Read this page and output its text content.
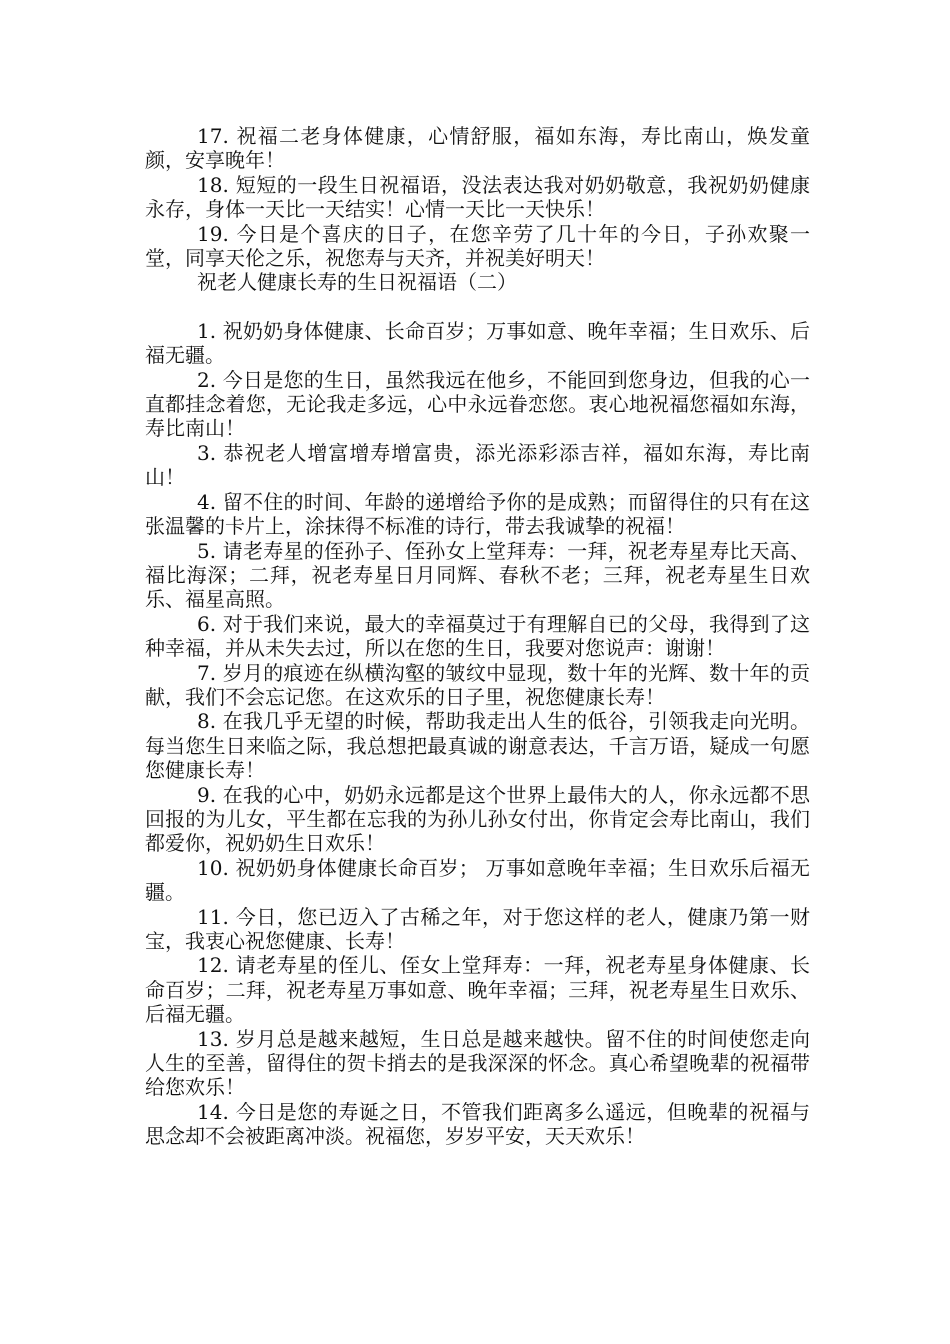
17. 祝福二老身体健康，心情舒服，福如东海，寿比南山，焕发童颜，安享晚年！

18. 短短的一段生日祝福语，没法表达我对奶奶敬意，我祝奶奶健康永存，身体一天比一天结实！心情一天比一天快乐！

19. 今日是个喜庆的日子，在您辛劳了几十年的今日，子孙欢聚一堂，同享天伦之乐，祝您寿与天齐，并祝美好明天！

祝老人健康长寿的生日祝福语（二）

1. 祝奶奶身体健康、长命百岁；万事如意、晚年幸福；生日欢乐、后福无疆。

2. 今日是您的生日，虽然我远在他乡，不能回到您身边，但我的心一直都挂念着您，无论我走多远，心中永远眷恋您。衷心地祝福您福如东海，寿比南山！

3. 恭祝老人增富增寿增富贵，添光添彩添吉祥，福如东海，寿比南山！

4. 留不住的时间、年龄的递增给予你的是成熟；而留得住的只有在这张温馨的卡片上，涂抹得不标准的诗行，带去我诚挚的祝福！

5. 请老寿星的侄孙子、侄孙女上堂拜寿：一拜，祝老寿星寿比天高、福比海深；二拜，祝老寿星日月同辉、春秋不老；三拜，祝老寿星生日欢乐、福星高照。

6. 对于我们来说，最大的幸福莫过于有理解自已的父母，我得到了这种幸福，并从未失去过，所以在您的生日，我要对您说声：谢谢！

7. 岁月的痕迹在纵横沟壑的皱纹中显现，数十年的光辉、数十年的贡献，我们不会忘记您。在这欢乐的日子里，祝您健康长寿！

8. 在我几乎无望的时候，帮助我走出人生的低谷，引领我走向光明。每当您生日来临之际，我总想把最真诚的谢意表达，千言万语，疑成一句愿您健康长寿！

9. 在我的心中，奶奶永远都是这个世界上最伟大的人，你永远都不思回报的为儿女，平生都在忘我的为孙儿孙女付出，你肯定会寿比南山，我们都爱你，祝奶奶生日欢乐！

10. 祝奶奶身体健康长命百岁； 万事如意晚年幸福；生日欢乐后福无疆。

11. 今日，您已迈入了古稀之年，对于您这样的老人，健康乃第一财宝，我衷心祝您健康、长寿！

12. 请老寿星的侄儿、侄女上堂拜寿：一拜，祝老寿星身体健康、长命百岁；二拜，祝老寿星万事如意、晚年幸福；三拜，祝老寿星生日欢乐、后福无疆。

13. 岁月总是越来越短，生日总是越来越快。留不住的时间使您走向人生的至善，留得住的贺卡捎去的是我深深的怀念。真心希望晚辈的祝福带给您欢乐！

14. 今日是您的寿诞之日，不管我们距离多么遥远，但晚辈的祝福与思念却不会被距离冲淡。祝福您，岁岁平安，天天欢乐！
